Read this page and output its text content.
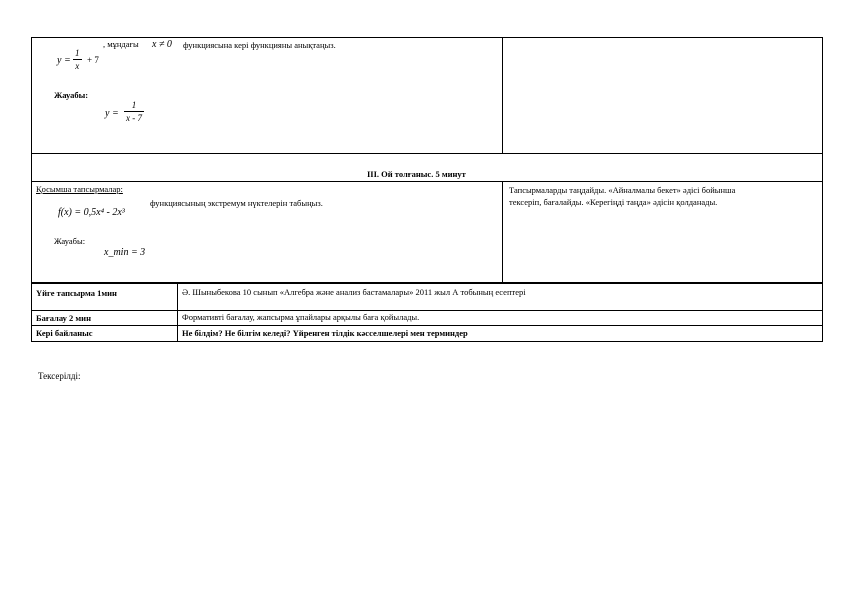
, мұндағы x ≠ 0 функциясына кері функцияны анықтаңыз.
y =
1
x
+ 7
Жауабы:
y =
1
x - 7
III. Ой толғаныс. 5 минут
Қосымша тапсырмалар:
f(x) = 0,5x⁴ - 2x³
функциясының экстремум нүктелерін табыңыз.
Жауабы:
x_min = 3
Тапсырмаларды таңдайды. «Айналмалы бекет» әдісі бойынша
тексеріп, бағалайды. «Керегіңді таңда» әдісін қолданады.
Үйге тапсырма 1мин	Ә. Шыныбекова 10 сынып «Алгебра және анализ бастамалары» 2011 жыл А тобының есептері
Бағалау 2 мин	Формативті бағалау, жапсырма ұпайлары арқылы баға қойылады.
Кері байланыс	Не білдім? Не білгім келеді? Үйренген тілдік кәсселшелері мен терминдер
Тексерілді:
